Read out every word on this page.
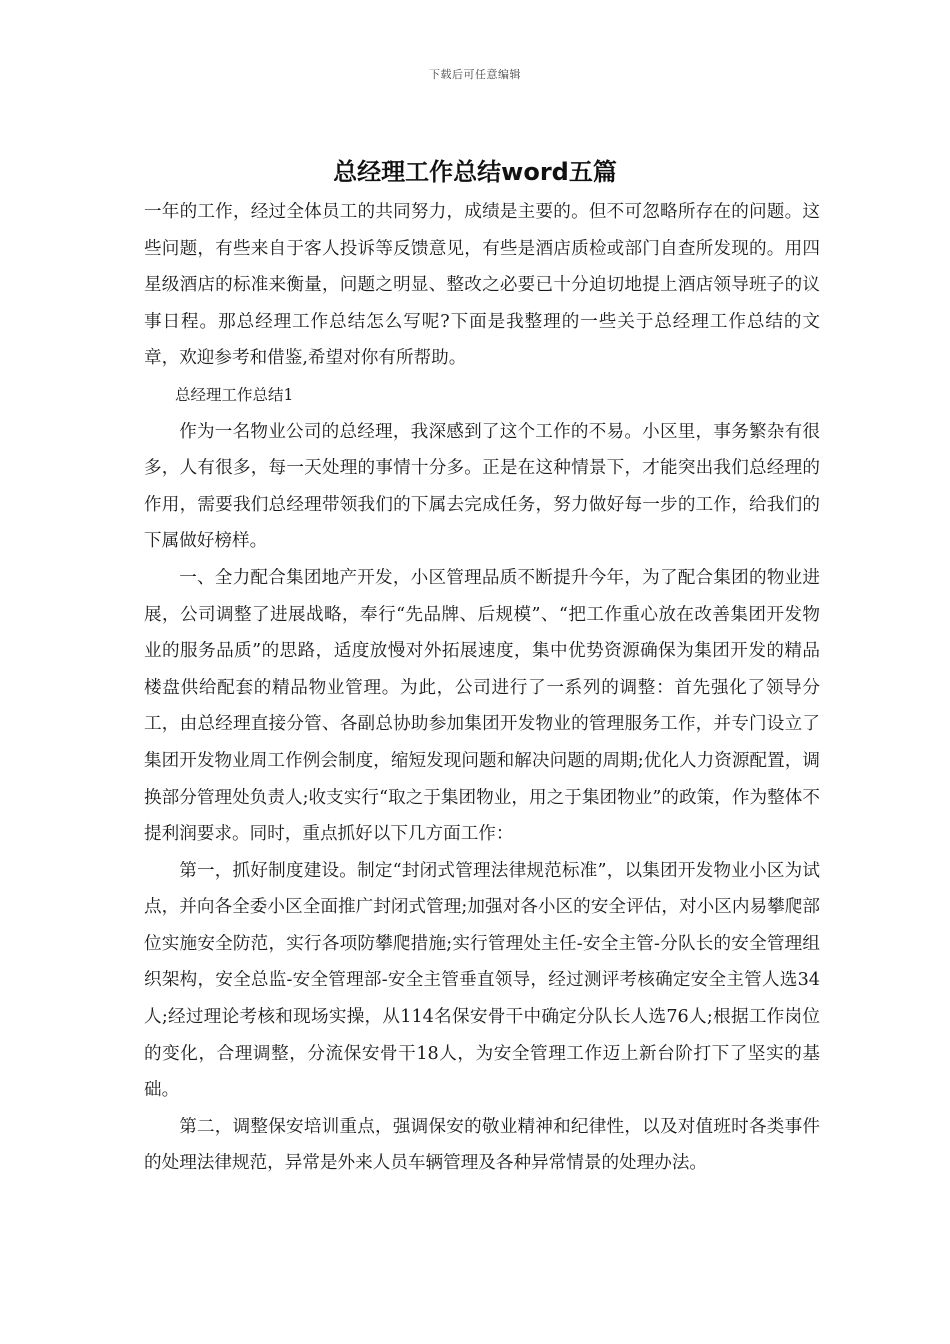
下载后可任意编辑
总经理工作总结word五篇

一年的工作，经过全体员工的共同努力，成绩是主要的。但不可忽略所存在的问题。这些问题，有些来自于客人投诉等反馈意见，有些是酒店质检或部门自查所发现的。用四星级酒店的标准来衡量，问题之明显、整改之必要已十分迫切地提上酒店领导班子的议事日程。那总经理工作总结怎么写呢?下面是我整理的一些关于总经理工作总结的文章，欢迎参考和借鉴,希望对你有所帮助。

总经理工作总结1

作为一名物业公司的总经理，我深感到了这个工作的不易。小区里，事务繁杂有很多，人有很多，每一天处理的事情十分多。正是在这种情景下，才能突出我们总经理的作用，需要我们总经理带领我们的下属去完成任务，努力做好每一步的工作，给我们的下属做好榜样。

一、全力配合集团地产开发，小区管理品质不断提升今年，为了配合集团的物业进展，公司调整了进展战略，奉行“先品牌、后规模”、“把工作重心放在改善集团开发物业的服务品质”的思路，适度放慢对外拓展速度，集中优势资源确保为集团开发的精品楼盘供给配套的精品物业管理。为此，公司进行了一系列的调整：首先强化了领导分工，由总经理直接分管、各副总协助参加集团开发物业的管理服务工作，并专门设立了集团开发物业周工作例会制度，缩短发现问题和解决问题的周期;优化人力资源配置，调换部分管理处负责人;收支实行“取之于集团物业，用之于集团物业”的政策，作为整体不提利润要求。同时，重点抓好以下几方面工作：

第一，抓好制度建设。制定“封闭式管理法律规范标准”，以集团开发物业小区为试点，并向各全委小区全面推广封闭式管理;加强对各小区的安全评估，对小区内易攀爬部位实施安全防范，实行各项防攀爬措施;实行管理处主任-安全主管-分队长的安全管理组织架构，安全总监-安全管理部-安全主管垂直领导，经过测评考核确定安全主管人选34人;经过理论考核和现场实操，从114名保安骨干中确定分队长人选76人;根据工作岗位的变化，合理调整，分流保安骨干18人，为安全管理工作迈上新台阶打下了坚实的基础。

第二，调整保安培训重点，强调保安的敬业精神和纪律性，以及对值班时各类事件的处理法律规范，异常是外来人员车辆管理及各种异常情景的处理办法。
